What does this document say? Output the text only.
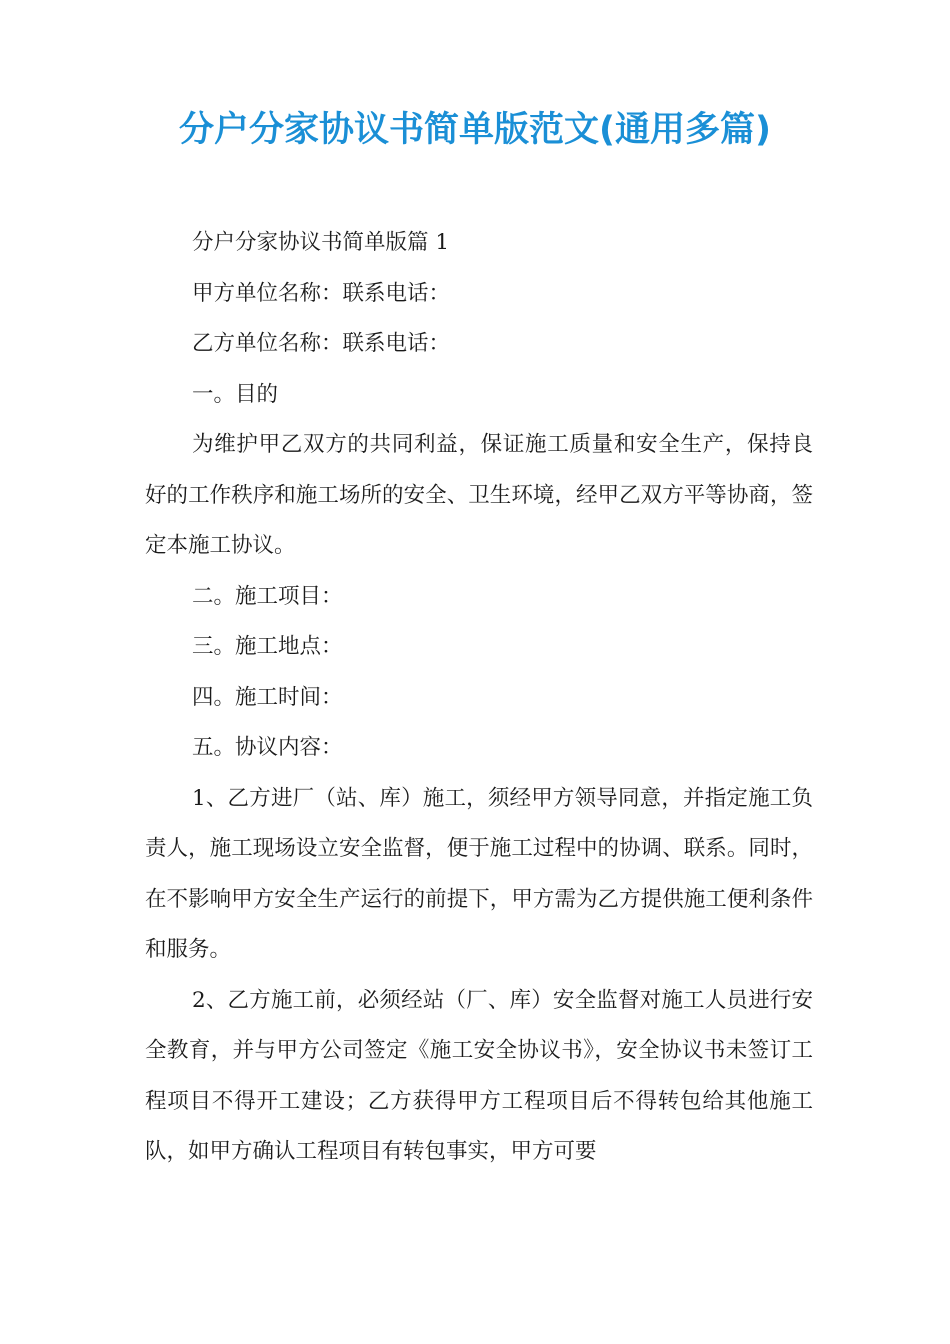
分户分家协议书简单版范文(通用多篇)

分户分家协议书简单版篇 1

甲方单位名称：联系电话：

乙方单位名称：联系电话：

一。目的

为维护甲乙双方的共同利益，保证施工质量和安全生产，保持良好的工作秩序和施工场所的安全、卫生环境，经甲乙双方平等协商，签定本施工协议。

二。施工项目：

三。施工地点：

四。施工时间：

五。协议内容：

1、乙方进厂（站、库）施工，须经甲方领导同意，并指定施工负责人，施工现场设立安全监督，便于施工过程中的协调、联系。同时，在不影响甲方安全生产运行的前提下，甲方需为乙方提供施工便利条件和服务。

2、乙方施工前，必须经站（厂、库）安全监督对施工人员进行安全教育，并与甲方公司签定《施工安全协议书》，安全协议书未签订工程项目不得开工建设；乙方获得甲方工程项目后不得转包给其他施工队，如甲方确认工程项目有转包事实，甲方可要
